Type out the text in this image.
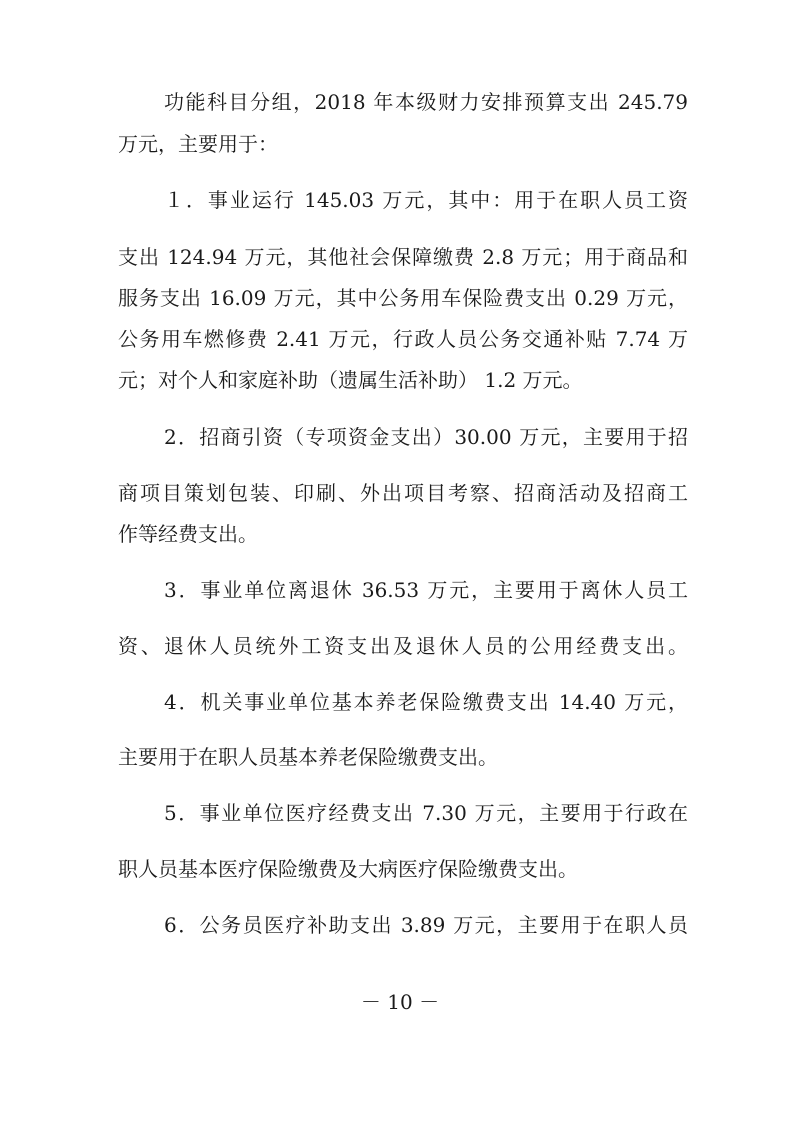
功能科目分组，2018 年本级财力安排预算支出 245.79
万元，主要用于：
１．事业运行 145.03 万元，其中：用于在职人员工资
支出 124.94 万元，其他社会保障缴费 2.8 万元；用于商品和
服务支出 16.09 万元，其中公务用车保险费支出 0.29 万元，
公务用车燃修费 2.41 万元，行政人员公务交通补贴 7.74 万
元；对个人和家庭补助（遗属生活补助） 1.2 万元。
2．招商引资（专项资金支出）30.00 万元，主要用于招
商项目策划包装、印刷、外出项目考察、招商活动及招商工
作等经费支出。
3．事业单位离退休 36.53 万元，主要用于离休人员工
资、退休人员统外工资支出及退休人员的公用经费支出。
4．机关事业单位基本养老保险缴费支出 14.40 万元，
主要用于在职人员基本养老保险缴费支出。
5．事业单位医疗经费支出 7.30 万元，主要用于行政在
职人员基本医疗保险缴费及大病医疗保险缴费支出。
6．公务员医疗补助支出 3.89 万元，主要用于在职人员
－ 10 －
